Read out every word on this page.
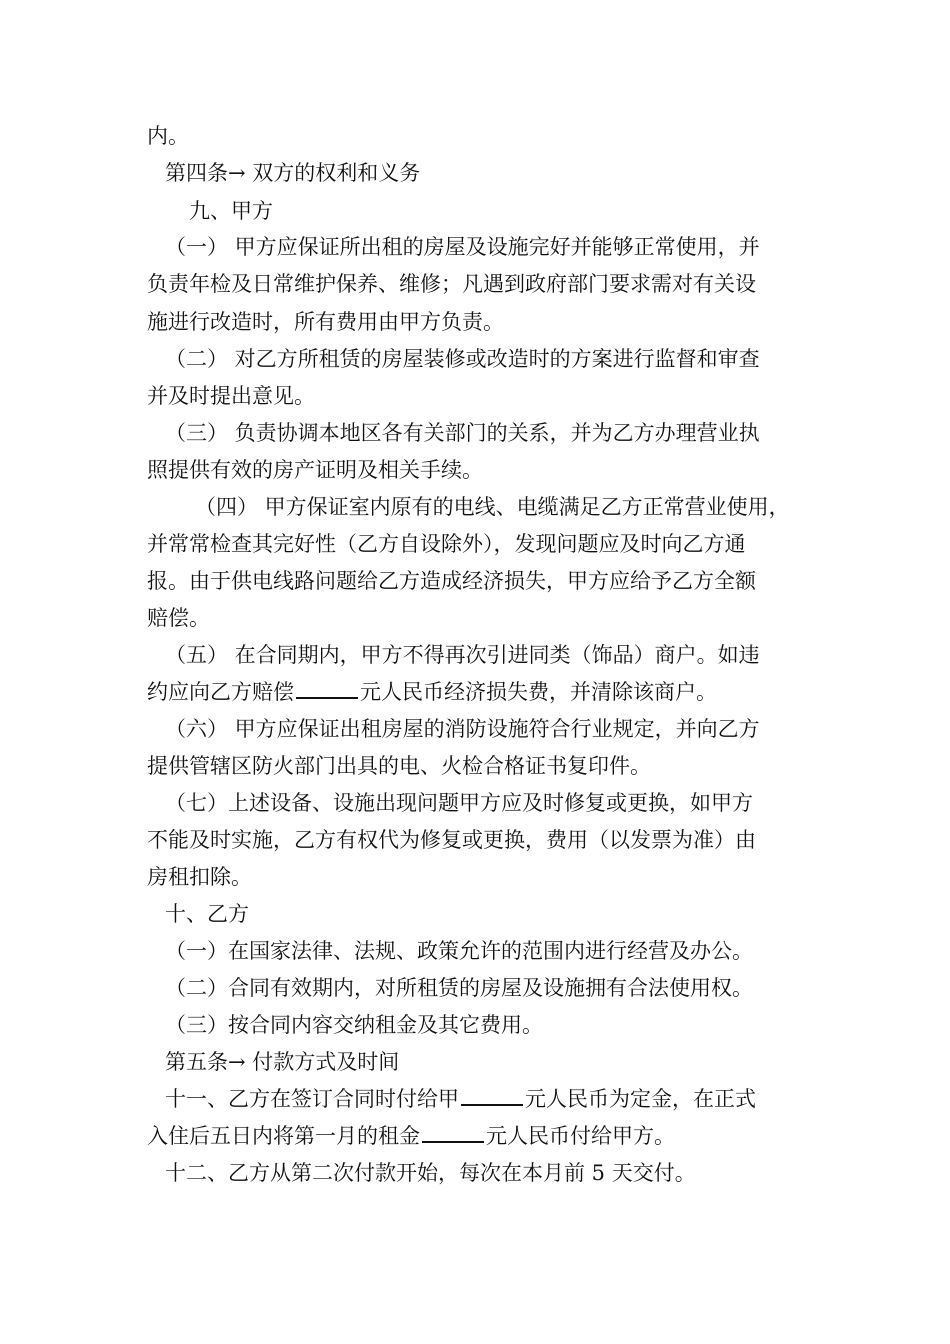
内。
第四条→ 双方的权利和义务
九、甲方
（一） 甲方应保证所出租的房屋及设施完好并能够正常使用，并
负责年检及日常维护保养、维修；凡遇到政府部门要求需对有关设
施进行改造时，所有费用由甲方负责。
（二） 对乙方所租赁的房屋装修或改造时的方案进行监督和审查
并及时提出意见。
（三） 负责协调本地区各有关部门的关系，并为乙方办理营业执
照提供有效的房产证明及相关手续。
（四） 甲方保证室内原有的电线、电缆满足乙方正常营业使用，
并常常检查其完好性（乙方自设除外），发现问题应及时向乙方通
报。由于供电线路问题给乙方造成经济损失，甲方应给予乙方全额
赔偿。
（五） 在合同期内，甲方不得再次引进同类（饰品）商户。如违
约应向乙方赔偿	元人民币经济损失费，并清除该商户。
（六） 甲方应保证出租房屋的消防设施符合行业规定，并向乙方
提供管辖区防火部门出具的电、火检合格证书复印件。
（七）上述设备、设施出现问题甲方应及时修复或更换，如甲方
不能及时实施，乙方有权代为修复或更换，费用（以发票为准）由
房租扣除。
十、乙方
（一）在国家法律、法规、政策允许的范围内进行经营及办公。
（二）合同有效期内，对所租赁的房屋及设施拥有合法使用权。
（三）按合同内容交纳租金及其它费用。
第五条→ 付款方式及时间
十一、乙方在签订合同时付给甲	元人民币为定金，在正式
入住后五日内将第一月的租金	元人民币付给甲方。
十二、乙方从第二次付款开始，每次在本月前 5 天交付。
